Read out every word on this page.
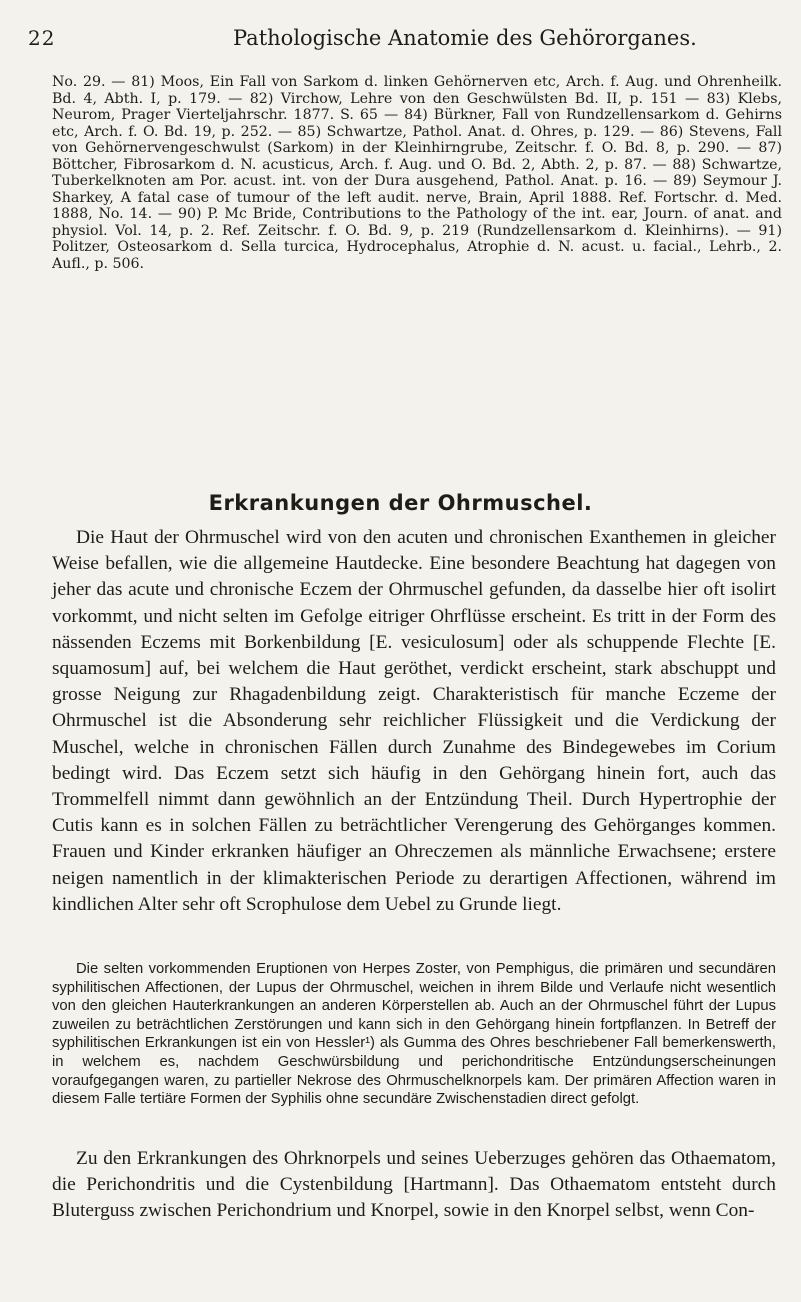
22	Pathologische Anatomie des Gehörorganes.
No. 29. — 81) Moos, Ein Fall von Sarkom d. linken Gehörnerven etc, Arch. f. Aug. und Ohrenheilk. Bd. 4, Abth. I, p. 179. — 82) Virchow, Lehre von den Geschwülsten Bd. II, p. 151 — 83) Klebs, Neurom, Prager Vierteljahrschr. 1877. S. 65 — 84) Bürkner, Fall von Rundzellensarkom d. Gehirns etc, Arch. f. O. Bd. 19, p. 252. — 85) Schwartze, Pathol. Anat. d. Ohres, p. 129. — 86) Stevens, Fall von Gehörnervengeschwulst (Sarkom) in der Kleinhirngrube, Zeitschr. f. O. Bd. 8, p. 290. — 87) Böttcher, Fibrosarkom d. N. acusticus, Arch. f. Aug. und O. Bd. 2, Abth. 2, p. 87. — 88) Schwartze, Tuberkelknoten am Por. acust. int. von der Dura ausgehend, Pathol. Anat. p. 16. — 89) Seymour J. Sharkey, A fatal case of tumour of the left audit. nerve, Brain, April 1888. Ref. Fortschr. d. Med. 1888, No. 14. — 90) P. Mc Bride, Contributions to the Pathology of the int. ear, Journ. of anat. and physiol. Vol. 14, p. 2. Ref. Zeitschr. f. O. Bd. 9, p. 219 (Rundzellensarkom d. Kleinhirns). — 91) Politzer, Osteosarkom d. Sella turcica, Hydrocephalus, Atrophie d. N. acust. u. facial., Lehrb., 2. Aufl., p. 506.
Erkrankungen der Ohrmuschel.

Die Haut der Ohrmuschel wird von den acuten und chronischen Exanthemen in gleicher Weise befallen, wie die allgemeine Hautdecke. Eine besondere Beachtung hat dagegen von jeher das acute und chronische Eczem der Ohrmuschel gefunden, da dasselbe hier oft isolirt vorkommt, und nicht selten im Gefolge eitriger Ohrflüsse erscheint. Es tritt in der Form des nässenden Eczems mit Borkenbildung [E. vesiculosum] oder als schuppende Flechte [E. squamosum] auf, bei welchem die Haut geröthet, verdickt erscheint, stark abschuppt und grosse Neigung zur Rhagadenbildung zeigt. Charakteristisch für manche Eczeme der Ohrmuschel ist die Absonderung sehr reichlicher Flüssigkeit und die Verdickung der Muschel, welche in chronischen Fällen durch Zunahme des Bindegewebes im Corium bedingt wird. Das Eczem setzt sich häufig in den Gehörgang hinein fort, auch das Trommelfell nimmt dann gewöhnlich an der Entzündung Theil. Durch Hypertrophie der Cutis kann es in solchen Fällen zu beträchtlicher Verengerung des Gehörganges kommen. Frauen und Kinder erkranken häufiger an Ohreczemen als männliche Erwachsene; erstere neigen namentlich in der klimakterischen Periode zu derartigen Affectionen, während im kindlichen Alter sehr oft Scrophulose dem Uebel zu Grunde liegt.

Die selten vorkommenden Eruptionen von Herpes Zoster, von Pemphigus, die primären und secundären syphilitischen Affectionen, der Lupus der Ohrmuschel, weichen in ihrem Bilde und Verlaufe nicht wesentlich von den gleichen Hauterkrankungen an anderen Körperstellen ab. Auch an der Ohrmuschel führt der Lupus zuweilen zu beträchtlichen Zerstörungen und kann sich in den Gehörgang hinein fortpflanzen. In Betreff der syphilitischen Erkrankungen ist ein von Hessler¹) als Gumma des Ohres beschriebener Fall bemerkenswerth, in welchem es, nachdem Geschwürsbildung und perichondritische Entzündungserscheinungen voraufgegangen waren, zu partieller Nekrose des Ohrmuschelknorpels kam. Der primären Affection waren in diesem Falle tertiäre Formen der Syphilis ohne secundäre Zwischenstadien direct gefolgt.

Zu den Erkrankungen des Ohrknorpels und seines Ueberzuges gehören das Othaematom, die Perichondritis und die Cystenbildung [Hartmann]. Das Othaematom entsteht durch Bluterguss zwischen Perichondrium und Knorpel, sowie in den Knorpel selbst, wenn Con-
